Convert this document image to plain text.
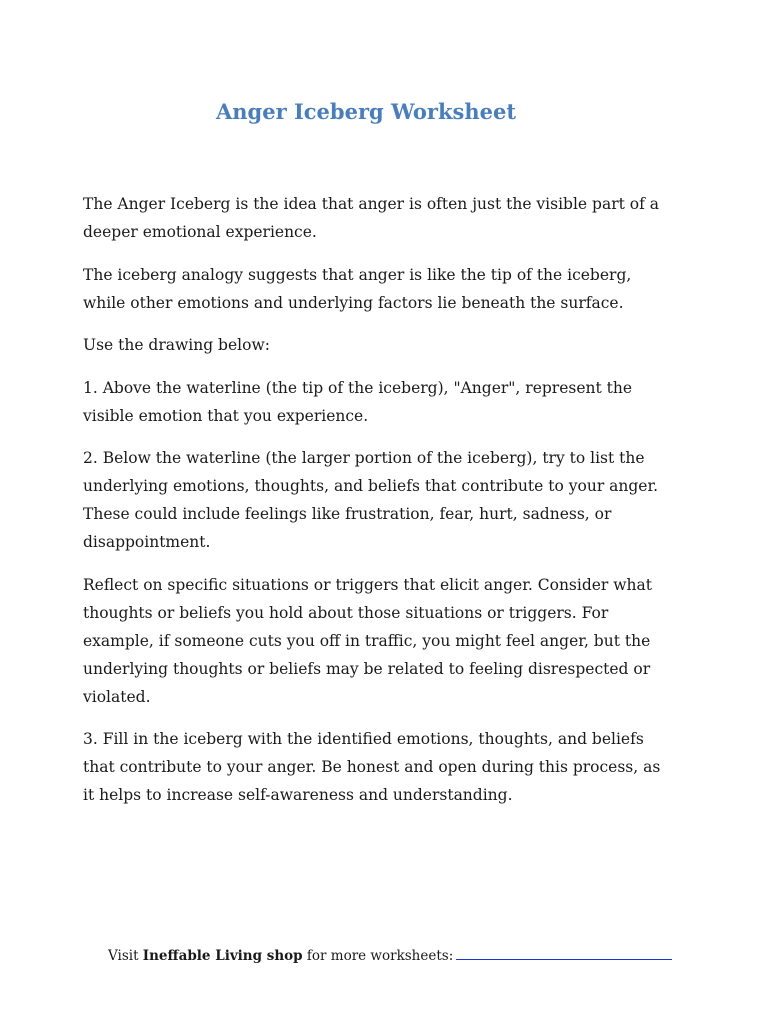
Anger Iceberg Worksheet

The Anger Iceberg is the idea that anger is often just the visible part of a deeper emotional experience.

The iceberg analogy suggests that anger is like the tip of the iceberg, while other emotions and underlying factors lie beneath the surface.

Use the drawing below:

1. Above the waterline (the tip of the iceberg), "Anger", represent the visible emotion that you experience.

2. Below the waterline (the larger portion of the iceberg), try to list the underlying emotions, thoughts, and beliefs that contribute to your anger. These could include feelings like frustration, fear, hurt, sadness, or disappointment.

Reflect on specific situations or triggers that elicit anger. Consider what thoughts or beliefs you hold about those situations or triggers. For example, if someone cuts you off in traffic, you might feel anger, but the underlying thoughts or beliefs may be related to feeling disrespected or violated.

3. Fill in the iceberg with the identified emotions, thoughts, and beliefs that contribute to your anger. Be honest and open during this process, as it helps to increase self-awareness and understanding.

Visit Ineffable Living shop for more worksheets:
